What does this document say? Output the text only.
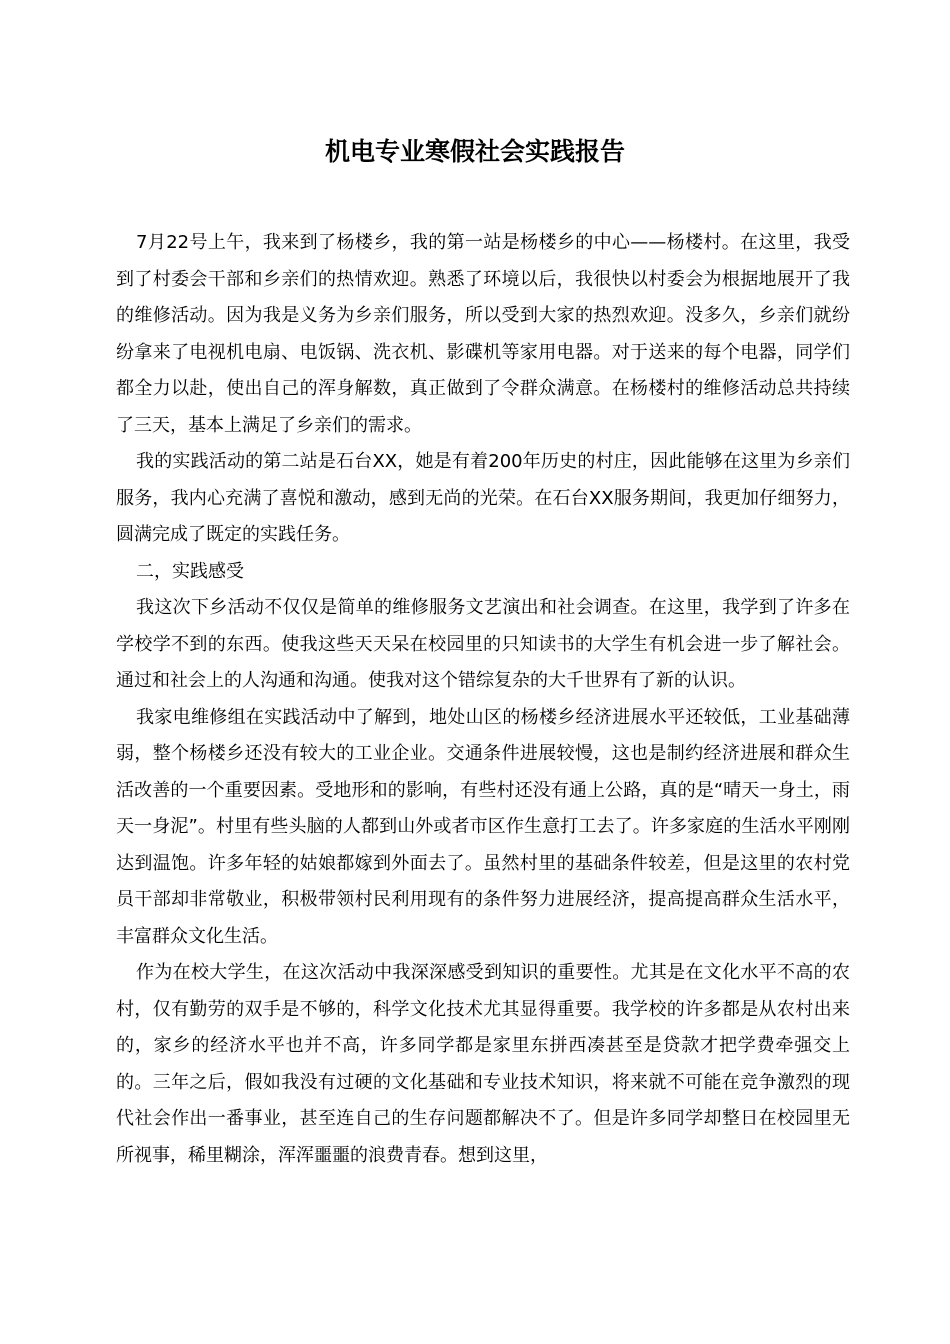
机电专业寒假社会实践报告

7月22号上午，我来到了杨楼乡，我的第一站是杨楼乡的中心——杨楼村。在这里，我受到了村委会干部和乡亲们的热情欢迎。熟悉了环境以后，我很快以村委会为根据地展开了我的维修活动。因为我是义务为乡亲们服务，所以受到大家的热烈欢迎。没多久，乡亲们就纷纷拿来了电视机电扇、电饭锅、洗衣机、影碟机等家用电器。对于送来的每个电器，同学们都全力以赴，使出自己的浑身解数，真正做到了令群众满意。在杨楼村的维修活动总共持续了三天，基本上满足了乡亲们的需求。

我的实践活动的第二站是石台XX，她是有着200年历史的村庄，因此能够在这里为乡亲们服务，我内心充满了喜悦和激动，感到无尚的光荣。在石台XX服务期间，我更加仔细努力，圆满完成了既定的实践任务。

二，实践感受

我这次下乡活动不仅仅是简单的维修服务文艺演出和社会调查。在这里，我学到了许多在学校学不到的东西。使我这些天天呆在校园里的只知读书的大学生有机会进一步了解社会。通过和社会上的人沟通和沟通。使我对这个错综复杂的大千世界有了新的认识。

我家电维修组在实践活动中了解到，地处山区的杨楼乡经济进展水平还较低，工业基础薄弱，整个杨楼乡还没有较大的工业企业。交通条件进展较慢，这也是制约经济进展和群众生活改善的一个重要因素。受地形和的影响，有些村还没有通上公路，真的是“晴天一身土，雨天一身泥”。村里有些头脑的人都到山外或者市区作生意打工去了。许多家庭的生活水平刚刚达到温饱。许多年轻的姑娘都嫁到外面去了。虽然村里的基础条件较差，但是这里的农村党员干部却非常敬业，积极带领村民利用现有的条件努力进展经济，提高提高群众生活水平，丰富群众文化生活。

作为在校大学生，在这次活动中我深深感受到知识的重要性。尤其是在文化水平不高的农村，仅有勤劳的双手是不够的，科学文化技术尤其显得重要。我学校的许多都是从农村出来的，家乡的经济水平也并不高，许多同学都是家里东拼西凑甚至是贷款才把学费牵强交上的。三年之后，假如我没有过硬的文化基础和专业技术知识，将来就不可能在竞争激烈的现代社会作出一番事业，甚至连自己的生存问题都解决不了。但是许多同学却整日在校园里无所视事，稀里糊涂，浑浑噩噩的浪费青春。想到这里，
